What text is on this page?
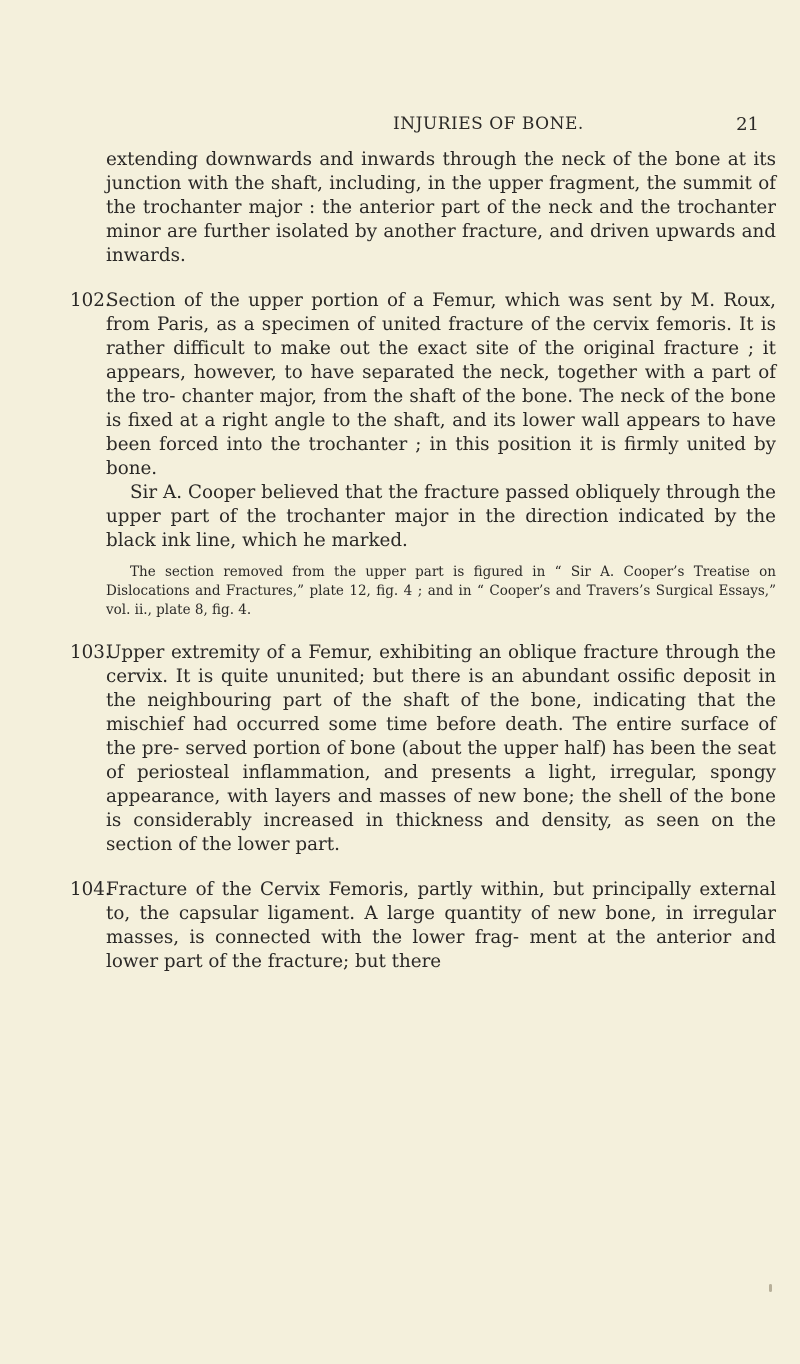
INJURIES OF BONE.	21

extending downwards and inwards through the neck of the bone at its junction with the shaft, including, in the upper fragment, the summit of the trochanter major : the anterior part of the neck and the trochanter minor are further isolated by another fracture, and driven upwards and inwards.

102.

Section of the upper portion of a Femur, which was sent by M. Roux, from Paris, as a specimen of united fracture of the cervix femoris. It is rather difficult to make out the exact site of the original fracture ; it appears, however, to have separated the neck, together with a part of the tro- chanter major, from the shaft of the bone. The neck of the bone is fixed at a right angle to the shaft, and its lower wall appears to have been forced into the trochanter ; in this position it is firmly united by bone.

Sir A. Cooper believed that the fracture passed obliquely through the upper part of the trochanter major in the direction indicated by the black ink line, which he marked.

The section removed from the upper part is figured in “ Sir A. Cooper’s Treatise on Dislocations and Fractures,” plate 12, fig. 4 ; and in “ Cooper’s and Travers’s Surgical Essays,” vol. ii., plate 8, fig. 4.

103.

Upper extremity of a Femur, exhibiting an oblique fracture through the cervix. It is quite ununited; but there is an abundant ossific deposit in the neighbouring part of the shaft of the bone, indicating that the mischief had occurred some time before death. The entire surface of the pre- served portion of bone (about the upper half) has been the seat of periosteal inflammation, and presents a light, irregular, spongy appearance, with layers and masses of new bone; the shell of the bone is considerably increased in thickness and density, as seen on the section of the lower part.

104.

Fracture of the Cervix Femoris, partly within, but principally external to, the capsular ligament. A large quantity of new bone, in irregular masses, is connected with the lower frag- ment at the anterior and lower part of the fracture; but there
